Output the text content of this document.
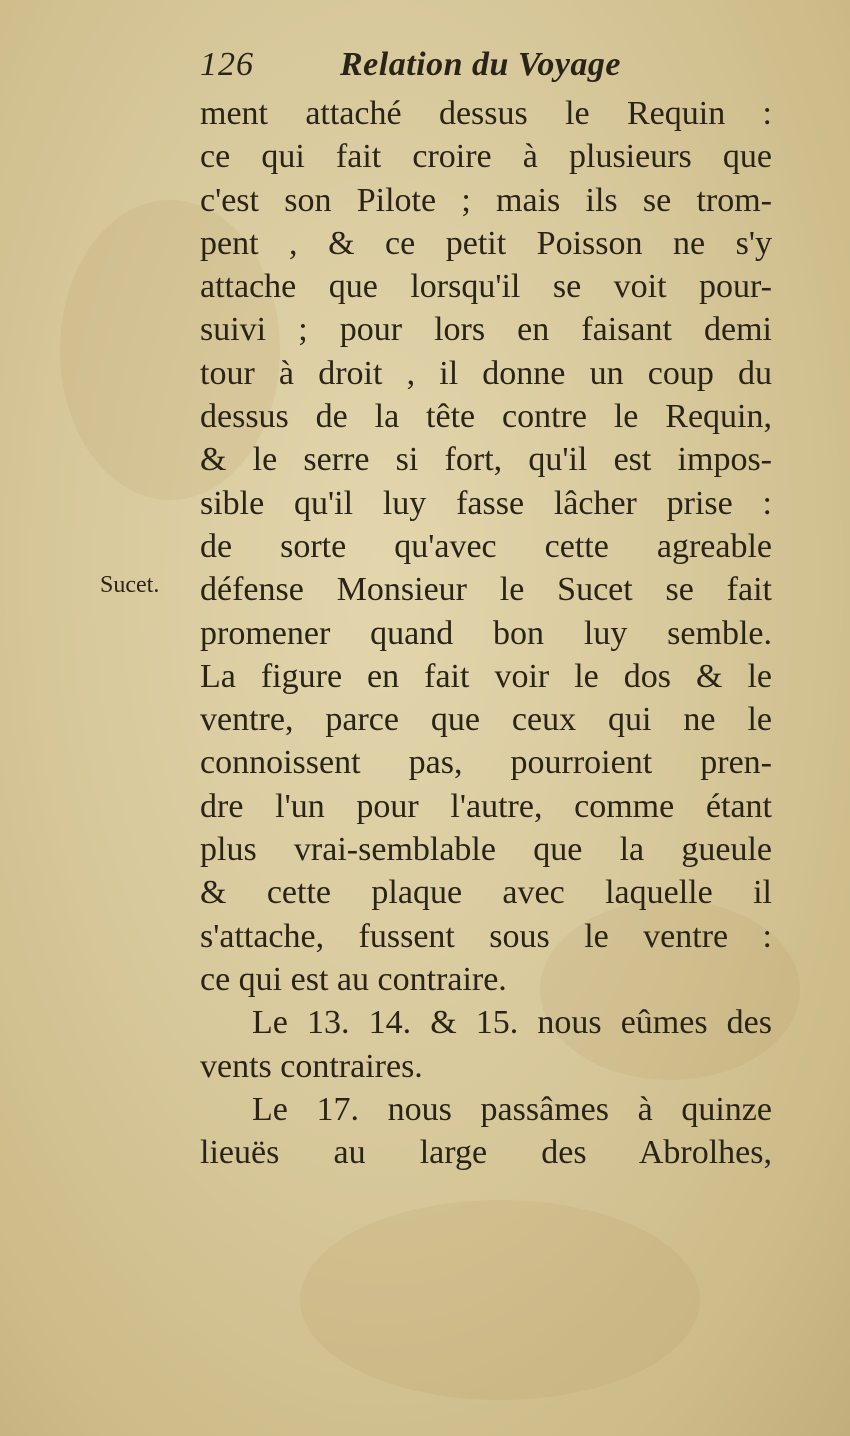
126	Relation du Voyage
Sucet.
ment attaché dessus le Requin :
ce qui fait croire à plusieurs que
c'est son Pilote ; mais ils se trom-
pent , & ce petit Poisson ne s'y
attache que lorsqu'il se voit pour-
suivi ; pour lors en faisant demi
tour à droit , il donne un coup du
dessus de la tête contre le Requin,
& le serre si fort, qu'il est impos-
sible qu'il luy fasse lâcher prise :
de sorte qu'avec cette agreable
défense Monsieur le Sucet se fait
promener quand bon luy semble.
La figure en fait voir le dos & le
ventre, parce que ceux qui ne le
connoissent pas, pourroient pren-
dre l'un pour l'autre, comme étant
plus vrai-semblable que la gueule
& cette plaque avec laquelle il
s'attache, fussent sous le ventre :
ce qui est au contraire.
Le 13. 14. & 15. nous eûmes des
vents contraires.
Le 17. nous passâmes à quinze
lieuës au large des Abrolhes,
